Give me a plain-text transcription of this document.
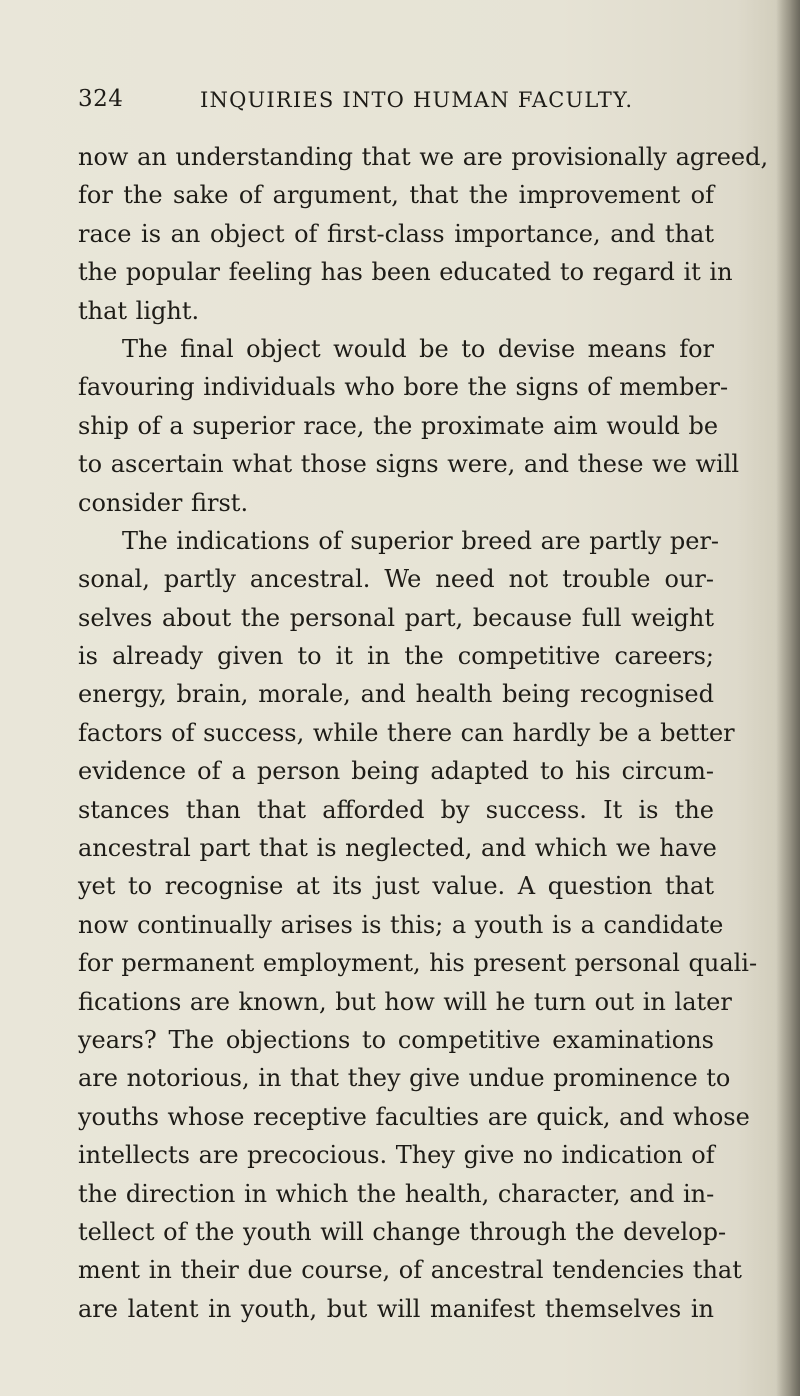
324	INQUIRIES INTO HUMAN FACULTY.
now an understanding that we are provisionally agreed,
for the sake of argument, that the improvement of
race is an object of first-class importance, and that
the popular feeling has been educated to regard it in
that light.
The final object would be to devise means for
favouring individuals who bore the signs of member-
ship of a superior race, the proximate aim would be
to ascertain what those signs were, and these we will
consider first.
The indications of superior breed are partly per-
sonal, partly ancestral. We need not trouble our-
selves about the personal part, because full weight
is already given to it in the competitive careers;
energy, brain, morale, and health being recognised
factors of success, while there can hardly be a better
evidence of a person being adapted to his circum-
stances than that afforded by success. It is the
ancestral part that is neglected, and which we have
yet to recognise at its just value. A question that
now continually arises is this; a youth is a candidate
for permanent employment, his present personal quali-
fications are known, but how will he turn out in later
years? The objections to competitive examinations
are notorious, in that they give undue prominence to
youths whose receptive faculties are quick, and whose
intellects are precocious. They give no indication of
the direction in which the health, character, and in-
tellect of the youth will change through the develop-
ment in their due course, of ancestral tendencies that
are latent in youth, but will manifest themselves in
